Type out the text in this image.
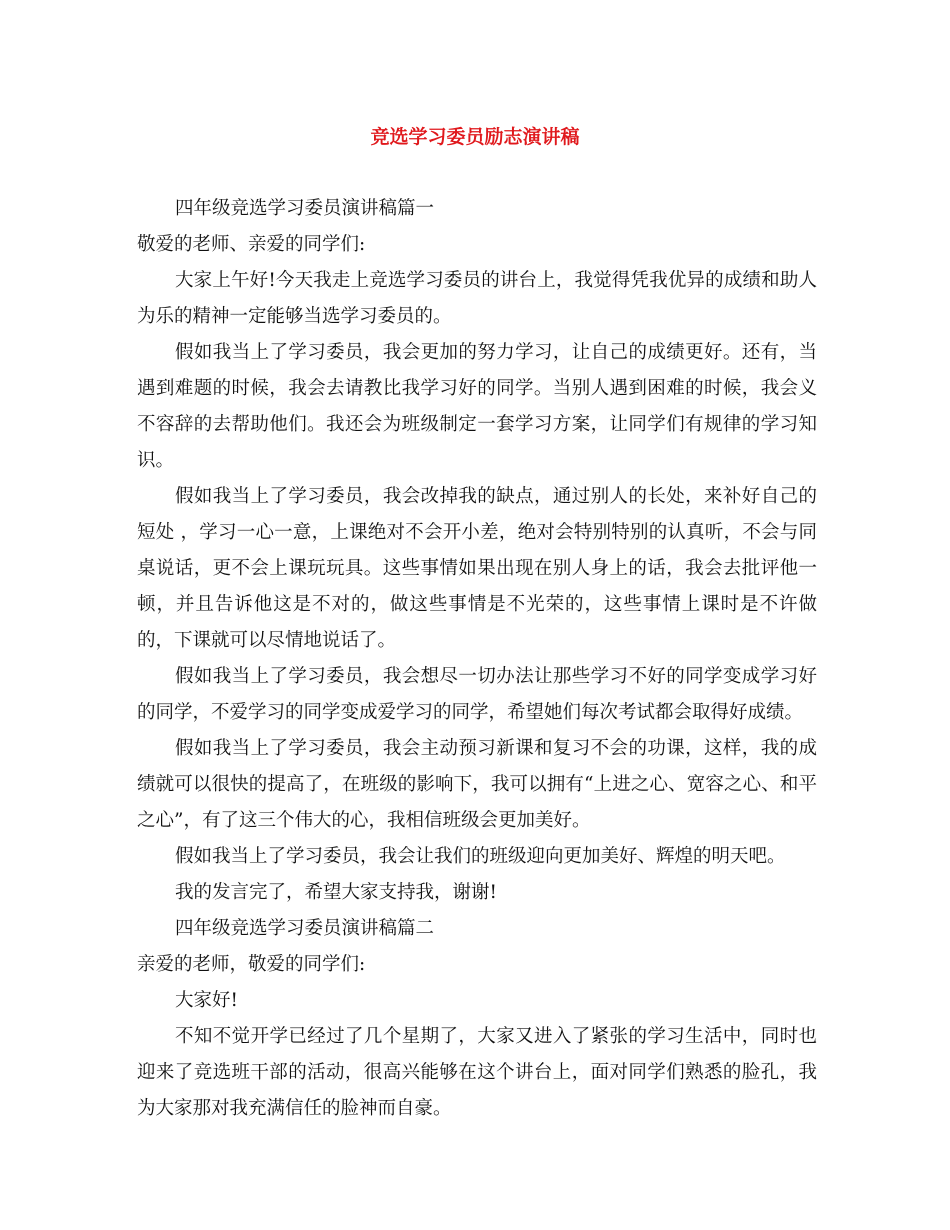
竞选学习委员励志演讲稿

四年级竞选学习委员演讲稿篇一

敬爱的老师、亲爱的同学们:

大家上午好!今天我走上竞选学习委员的讲台上，我觉得凭我优异的成绩和助人为乐的精神一定能够当选学习委员的。

假如我当上了学习委员，我会更加的努力学习，让自己的成绩更好。还有，当遇到难题的时候，我会去请教比我学习好的同学。当别人遇到困难的时候，我会义不容辞的去帮助他们。我还会为班级制定一套学习方案，让同学们有规律的学习知识。

假如我当上了学习委员，我会改掉我的缺点，通过别人的长处，来补好自己的短处 ，学习一心一意，上课绝对不会开小差，绝对会特别特别的认真听，不会与同桌说话，更不会上课玩玩具。这些事情如果出现在别人身上的话，我会去批评他一顿，并且告诉他这是不对的，做这些事情是不光荣的，这些事情上课时是不许做的，下课就可以尽情地说话了。

假如我当上了学习委员，我会想尽一切办法让那些学习不好的同学变成学习好的同学，不爱学习的同学变成爱学习的同学，希望她们每次考试都会取得好成绩。

假如我当上了学习委员，我会主动预习新课和复习不会的功课，这样，我的成绩就可以很快的提高了，在班级的影响下，我可以拥有“上进之心、宽容之心、和平之心”，有了这三个伟大的心，我相信班级会更加美好。

假如我当上了学习委员，我会让我们的班级迎向更加美好、辉煌的明天吧。

我的发言完了，希望大家支持我，谢谢!

四年级竞选学习委员演讲稿篇二

亲爱的老师，敬爱的同学们:

大家好!

不知不觉开学已经过了几个星期了，大家又进入了紧张的学习生活中，同时也迎来了竞选班干部的活动，很高兴能够在这个讲台上，面对同学们熟悉的脸孔，我为大家那对我充满信任的脸神而自豪。
